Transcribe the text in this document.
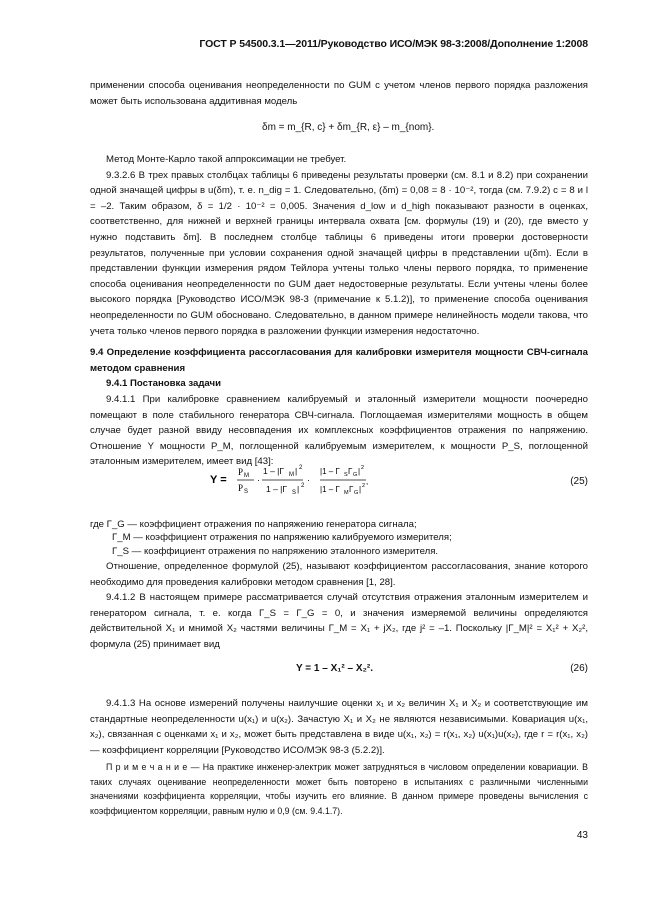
ГОСТ Р 54500.3.1—2011/Руководство ИСО/МЭК 98-3:2008/Дополнение 1:2008

применении способа оценивания неопределенности по GUM с учетом членов первого порядка разложения может быть использована аддитивная модель

δm = m_{R, c} + δm_{R, ε} – m_{nom}.

Метод Монте-Карло такой аппроксимации не требует.

9.3.2.6 В трех правых столбцах таблицы 6 приведены результаты проверки (см. 8.1 и 8.2) при сохранении одной значащей цифры в u(δm), т. е. n_dig = 1. Следовательно, (δm) = 0,08 = 8 · 10⁻², тогда (см. 7.9.2) c = 8 и l = –2. Таким образом, δ = 1/2 · 10⁻² = 0,005. Значения d_low и d_high показывают разности в оценках, соответственно, для нижней и верхней границы интервала охвата [см. формулы (19) и (20), где вместо y нужно подставить δm]. В последнем столбце таблицы 6 приведены итоги проверки достоверности результатов, полученные при условии сохранения одной значащей цифры в представлении u(δm). Если в представлении функции измерения рядом Тейлора учтены только члены первого порядка, то применение способа оценивания неопределенности по GUM дает недостоверные результаты. Если учтены члены более высокого порядка [Руководство ИСО/МЭК 98-3 (примечание к 5.1.2)], то применение способа оценивания неопределенности по GUM обосновано. Следовательно, в данном примере нелинейность модели такова, что учета только членов первого порядка в разложении функции измерения недостаточно.

9.4 Определение коэффициента рассогласования для калибровки измерителя мощности СВЧ-сигнала методом сравнения

9.4.1 Постановка задачи

9.4.1.1 При калибровке сравнением калибруемый и эталонный измерители мощности поочередно помещают в поле стабильного генератора СВЧ-сигнала. Поглощаемая измерителями мощность в общем случае будет разной ввиду несовпадения их комплексных коэффициентов отражения по напряжению. Отношение Y мощности P_M, поглощенной калибруемым измерителем, к мощности P_S, поглощенной эталонным измерителем, имеет вид [43]:

Y =
P M
P S
·
1 – |Γ M | 2
1 – |Γ S | 2
·
|1 – Γ S Γ G | 2
|1 – Γ M Γ G | 2 ,	(25)

где Γ_G — коэффициент отражения по напряжению генератора сигнала;

Γ_M — коэффициент отражения по напряжению калибруемого измерителя;

Γ_S — коэффициент отражения по напряжению эталонного измерителя.

Отношение, определенное формулой (25), называют коэффициентом рассогласования, знание которого необходимо для проведения калибровки методом сравнения [1, 28].

9.4.1.2 В настоящем примере рассматривается случай отсутствия отражения эталонным измерителем и генератором сигнала, т. е. когда Γ_S = Γ_G = 0, и значения измеряемой величины определяются действительной X₁ и мнимой X₂ частями величины Γ_M = X₁ + jX₂, где j² = –1. Поскольку |Γ_M|² = X₁² + X₂², формула (25) принимает вид

Y = 1 – X₁² – X₂².	(26)

9.4.1.3 На основе измерений получены наилучшие оценки x₁ и x₂ величин X₁ и X₂ и соответствующие им стандартные неопределенности u(x₁) и u(x₂). Зачастую X₁ и X₂ не являются независимыми. Ковариация u(x₁, x₂), связанная с оценками x₁ и x₂, может быть представлена в виде u(x₁, x₂) = r(x₁, x₂) u(x₁)u(x₂), где r = r(x₁, x₂) — коэффициент корреляции [Руководство ИСО/МЭК 98-3 (5.2.2)].

П р и м е ч а н и е — На практике инженер-электрик может затрудняться в числовом определении ковариации. В таких случаях оценивание неопределенности может быть повторено в испытаниях с различными численными значениями коэффициента корреляции, чтобы изучить его влияние. В данном примере проведены вычисления с коэффициентом корреляции, равным нулю и 0,9 (см. 9.4.1.7).

43
